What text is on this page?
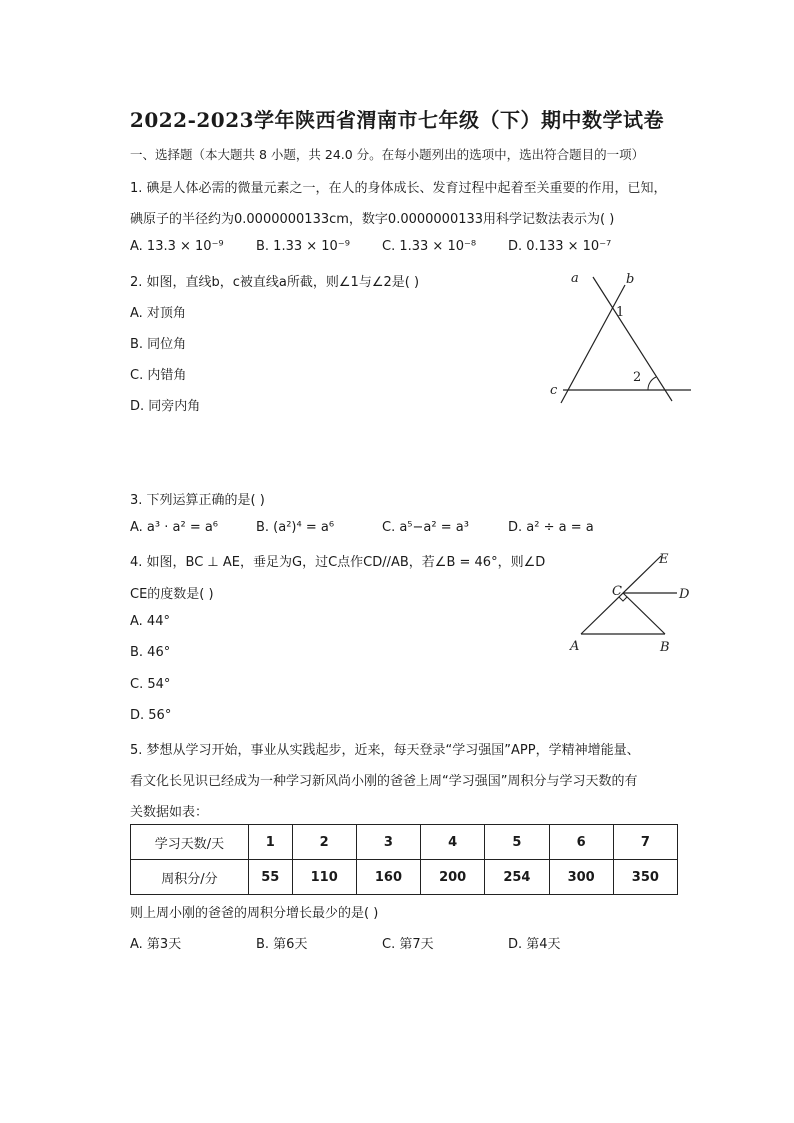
2022-2023学年陕西省渭南市七年级（下）期中数学试卷
一、选择题（本大题共 8 小题，共 24.0 分。在每小题列出的选项中，选出符合题目的一项）
1. 碘是人体必需的微量元素之一，在人的身体成长、发育过程中起着至关重要的作用，已知，
碘原子的半径约为0.0000000133cm，数字0.0000000133用科学记数法表示为( )
A. 13.3 × 10⁻⁹ B. 1.33 × 10⁻⁹ C. 1.33 × 10⁻⁸ D. 0.133 × 10⁻⁷
2. 如图，直线b，c被直线a所截，则∠1与∠2是( )
A. 对顶角
B. 同位角
C. 内错角
D. 同旁内角
a	b
c
1
2
3. 下列运算正确的是( )
A. a³ · a² = a⁶	B. (a²)⁴ = a⁶	C. a⁵−a² = a³	D. a² ÷ a = a
4. 如图，BC ⊥ AE，垂足为G，过C点作CD//AB，若∠B = 46°，则∠D
CE的度数是( )
A. 44°
B. 46°
C. 54°
D. 56°
A	B
C	D
E
5. 梦想从学习开始，事业从实践起步，近来，每天登录“学习强国”APP，学精神增能量、
看文化长见识已经成为一种学习新风尚小刚的爸爸上周“学习强国”周积分与学习天数的有
关数据如表：
学习天数/天	1	2	3	4	5	6	7
周积分/分	55	110	160	200	254	300	350
则上周小刚的爸爸的周积分增长最少的是( )
A. 第3天	B. 第6天	C. 第7天	D. 第4天
